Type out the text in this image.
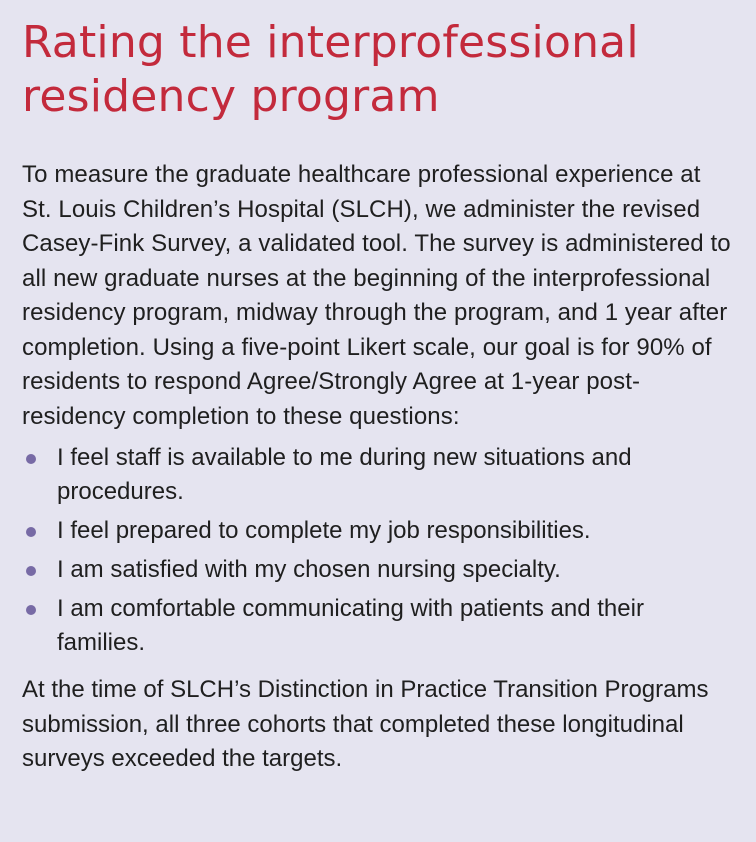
Rating the interprofessional residency program

To measure the graduate healthcare professional experience at St. Louis Children’s Hospital (SLCH), we administer the revised Casey-Fink Survey, a validated tool. The survey is administered to all new graduate nurses at the beginning of the interprofessional residency program, midway through the program, and 1 year after completion. Using a five-point Likert scale, our goal is for 90% of residents to respond Agree/Strongly Agree at 1-year post-residency completion to these questions:

I feel staff is available to me during new situations and procedures.
I feel prepared to complete my job responsibilities.
I am satisfied with my chosen nursing specialty.
I am comfortable communicating with patients and their families.

At the time of SLCH’s Distinction in Practice Transition Programs submission, all three cohorts that completed these longitudinal surveys exceeded the targets.
